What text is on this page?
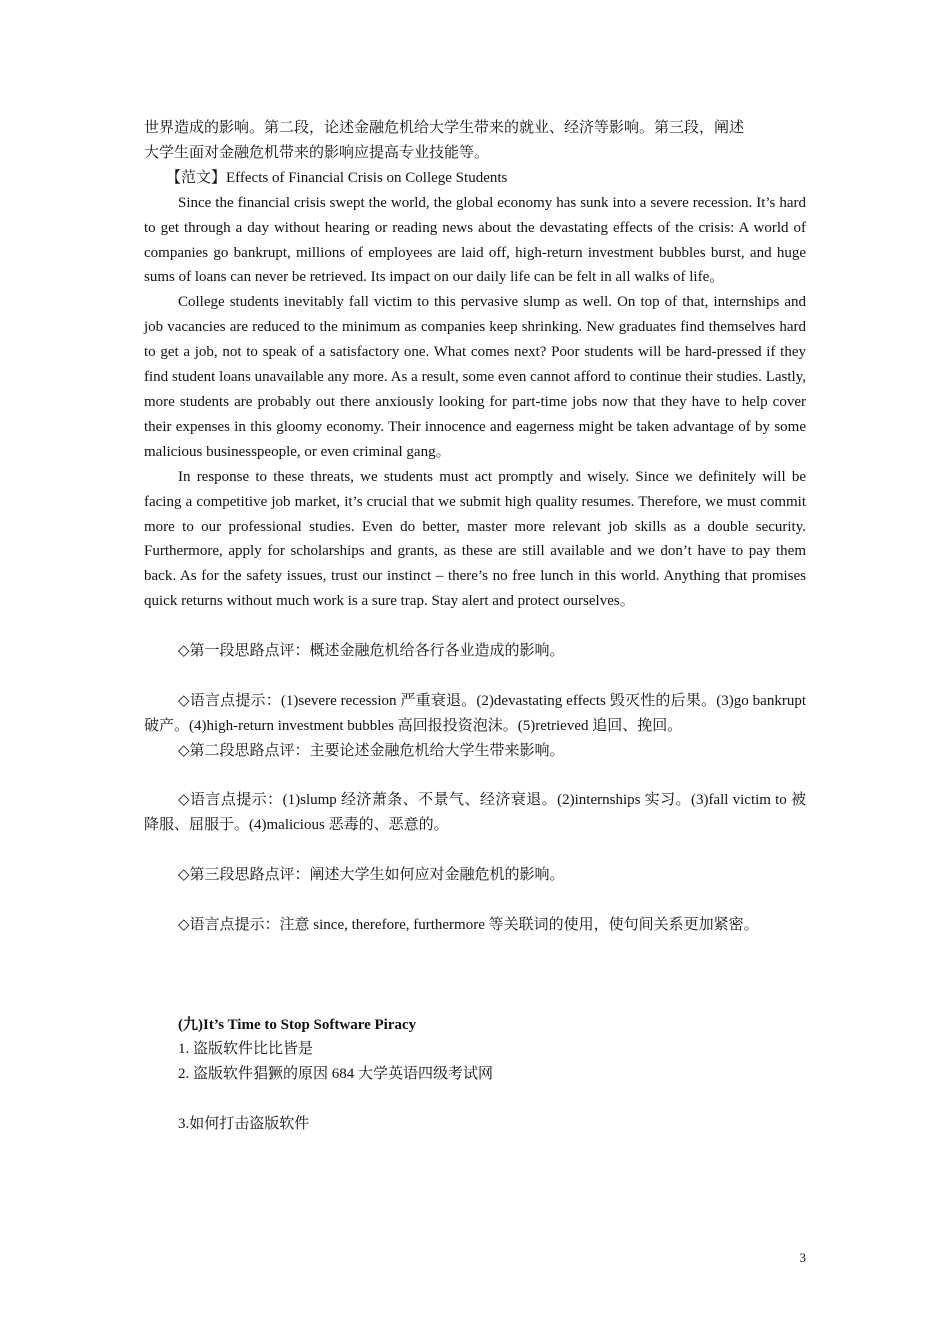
世界造成的影响。第二段，论述金融危机给大学生带来的就业、经济等影响。第三段，阐述

大学生面对金融危机带来的影响应提高专业技能等。

【范文】Effects of Financial Crisis on College Students

Since the financial crisis swept the world, the global economy has sunk into a severe recession. It’s hard to get through a day without hearing or reading news about the devastating effects of the crisis: A world of companies go bankrupt, millions of employees are laid off, high-return investment bubbles burst, and huge sums of loans can never be retrieved. Its impact on our daily life can be felt in all walks of life。

College students inevitably fall victim to this pervasive slump as well. On top of that, internships and job vacancies are reduced to the minimum as companies keep shrinking. New graduates find themselves hard to get a job, not to speak of a satisfactory one. What comes next? Poor students will be hard-pressed if they find student loans unavailable any more. As a result, some even cannot afford to continue their studies. Lastly, more students are probably out there anxiously looking for part-time jobs now that they have to help cover their expenses in this gloomy economy. Their innocence and eagerness might be taken advantage of by some malicious businesspeople, or even criminal gang。

In response to these threats, we students must act promptly and wisely. Since we definitely will be facing a competitive job market, it’s crucial that we submit high quality resumes. Therefore, we must commit more to our professional studies. Even do better, master more relevant job skills as a double security. Furthermore, apply for scholarships and grants, as these are still available and we don’t have to pay them back. As for the safety issues, trust our instinct – there’s no free lunch in this world. Anything that promises quick returns without much work is a sure trap. Stay alert and protect ourselves。

◇第一段思路点评：概述金融危机给各行各业造成的影响。

◇语言点提示：(1)severe recession 严重衰退。(2)devastating effects 毁灭性的后果。(3)go bankrupt 破产。(4)high-return investment bubbles 高回报投资泡沫。(5)retrieved 追回、挽回。

◇第二段思路点评：主要论述金融危机给大学生带来影响。

◇语言点提示：(1)slump 经济萧条、不景气、经济衰退。(2)internships 实习。(3)fall victim to 被降服、屈服于。(4)malicious 恶毒的、恶意的。

◇第三段思路点评：阐述大学生如何应对金融危机的影响。

◇语言点提示：注意 since, therefore, furthermore 等关联词的使用，使句间关系更加紧密。

(九)It’s Time to Stop Software Piracy

1. 盗版软件比比皆是

2. 盗版软件猖獗的原因 684 大学英语四级考试网

3.如何打击盗版软件

3
